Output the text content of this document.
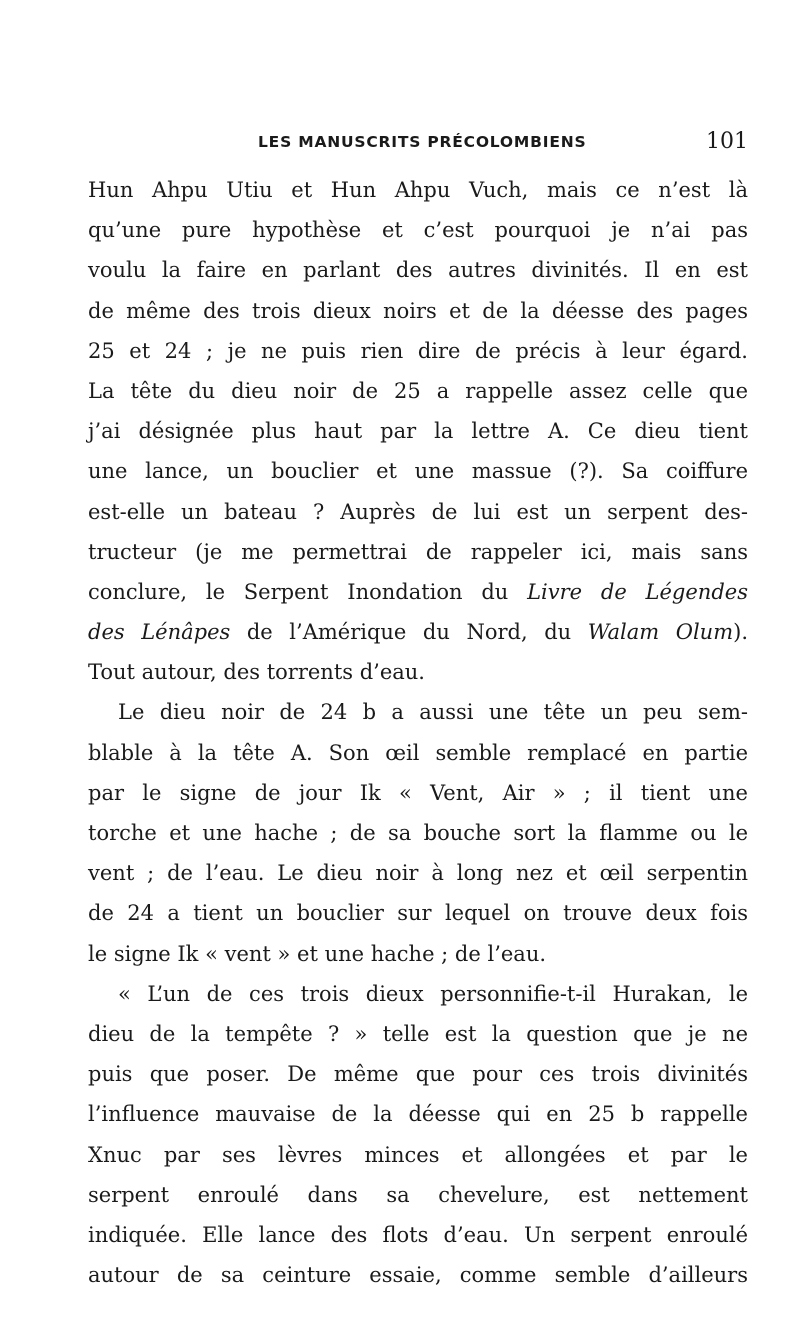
LES MANUSCRITS PRÉCOLOMBIENS	101
Hun Ahpu Utiu et Hun Ahpu Vuch, mais ce n’est là
qu’une pure hypothèse et c’est pourquoi je n’ai pas
voulu la faire en parlant des autres divinités. Il en est
de même des trois dieux noirs et de la déesse des pages
25 et 24 ; je ne puis rien dire de précis à leur égard.
La tête du dieu noir de 25 a rappelle assez celle que
j’ai désignée plus haut par la lettre A. Ce dieu tient
une lance, un bouclier et une massue (?). Sa coiffure
est-elle un bateau ? Auprès de lui est un serpent des-
tructeur (je me permettrai de rappeler ici, mais sans
conclure, le Serpent Inondation du Livre de Légendes
des Lénâpes de l’Amérique du Nord, du Walam Olum).
Tout autour, des torrents d’eau.
Le dieu noir de 24 b a aussi une tête un peu sem-
blable à la tête A. Son œil semble remplacé en partie
par le signe de jour Ik « Vent, Air » ; il tient une
torche et une hache ; de sa bouche sort la flamme ou le
vent ; de l’eau. Le dieu noir à long nez et œil serpentin
de 24 a tient un bouclier sur lequel on trouve deux fois
le signe Ik « vent » et une hache ; de l’eau.
« L’un de ces trois dieux personnifie-t-il Hurakan, le
dieu de la tempête ? » telle est la question que je ne
puis que poser. De même que pour ces trois divinités
l’influence mauvaise de la déesse qui en 25 b rappelle
Xnuc par ses lèvres minces et allongées et par le
serpent enroulé dans sa chevelure, est nettement
indiquée. Elle lance des flots d’eau. Un serpent enroulé
autour de sa ceinture essaie, comme semble d’ailleurs
